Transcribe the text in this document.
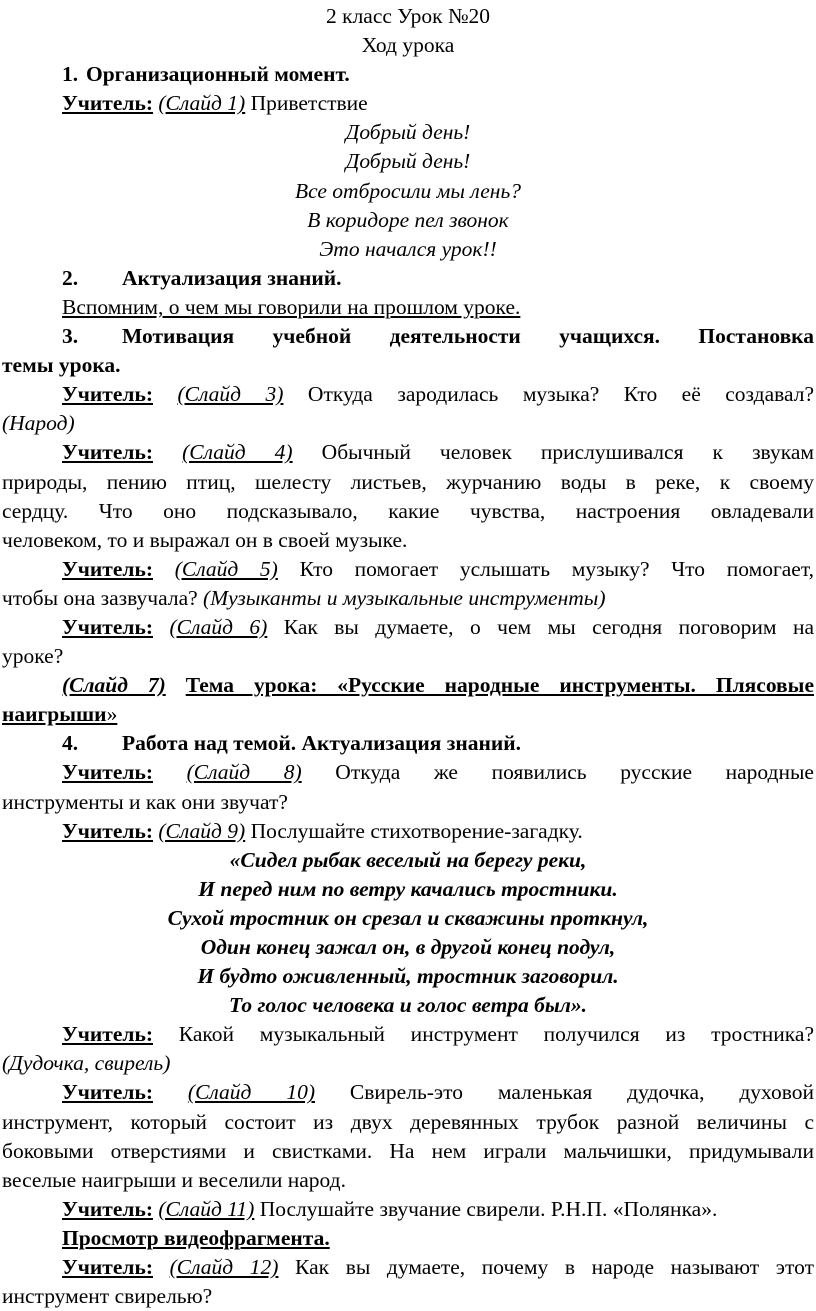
2 класс Урок №20

Ход урока

1. Организационный момент.

Учитель: (Слайд 1) Приветствие

Добрый день!

Добрый день!

Все отбросили мы лень?

В коридоре пел звонок

Это начался урок!!

2. Актуализация знаний.

Вспомним, о чем мы говорили на прошлом уроке.

3. Мотивация учебной деятельности учащихся. Постановка

темы урока.

Учитель: (Слайд 3) Откуда зародилась музыка? Кто её создавал?

(Народ)

Учитель: (Слайд 4) Обычный человек прислушивался к звукам

природы, пению птиц, шелесту листьев, журчанию воды в реке, к своему

сердцу. Что оно подсказывало, какие чувства, настроения овладевали

человеком, то и выражал он в своей музыке.

Учитель: (Слайд 5) Кто помогает услышать музыку? Что помогает,

чтобы она зазвучала? (Музыканты и музыкальные инструменты)

Учитель: (Слайд 6) Как вы думаете, о чем мы сегодня поговорим на

уроке?

(Слайд 7) Тема урока: «Русские народные инструменты. Плясовые

наигрыши»

4. Работа над темой. Актуализация знаний.

Учитель: (Слайд 8) Откуда же появились русские народные

инструменты и как они звучат?

Учитель: (Слайд 9) Послушайте стихотворение-загадку.

«Сидел рыбак веселый на берегу реки,

И перед ним по ветру качались тростники.

Сухой тростник он срезал и скважины проткнул,

Один конец зажал он, в другой конец подул,

И будто оживленный, тростник заговорил.

То голос человека и голос ветра был».

Учитель: Какой музыкальный инструмент получился из тростника?

(Дудочка, свирель)

Учитель: (Слайд 10) Свирель-это маленькая дудочка, духовой

инструмент, который состоит из двух деревянных трубок разной величины с

боковыми отверстиями и свистками. На нем играли мальчишки, придумывали

веселые наигрыши и веселили народ.

Учитель: (Слайд 11) Послушайте звучание свирели. Р.Н.П. «Полянка».

Просмотр видеофрагмента.

Учитель: (Слайд 12) Как вы думаете, почему в народе называют этот

инструмент свирелью?
